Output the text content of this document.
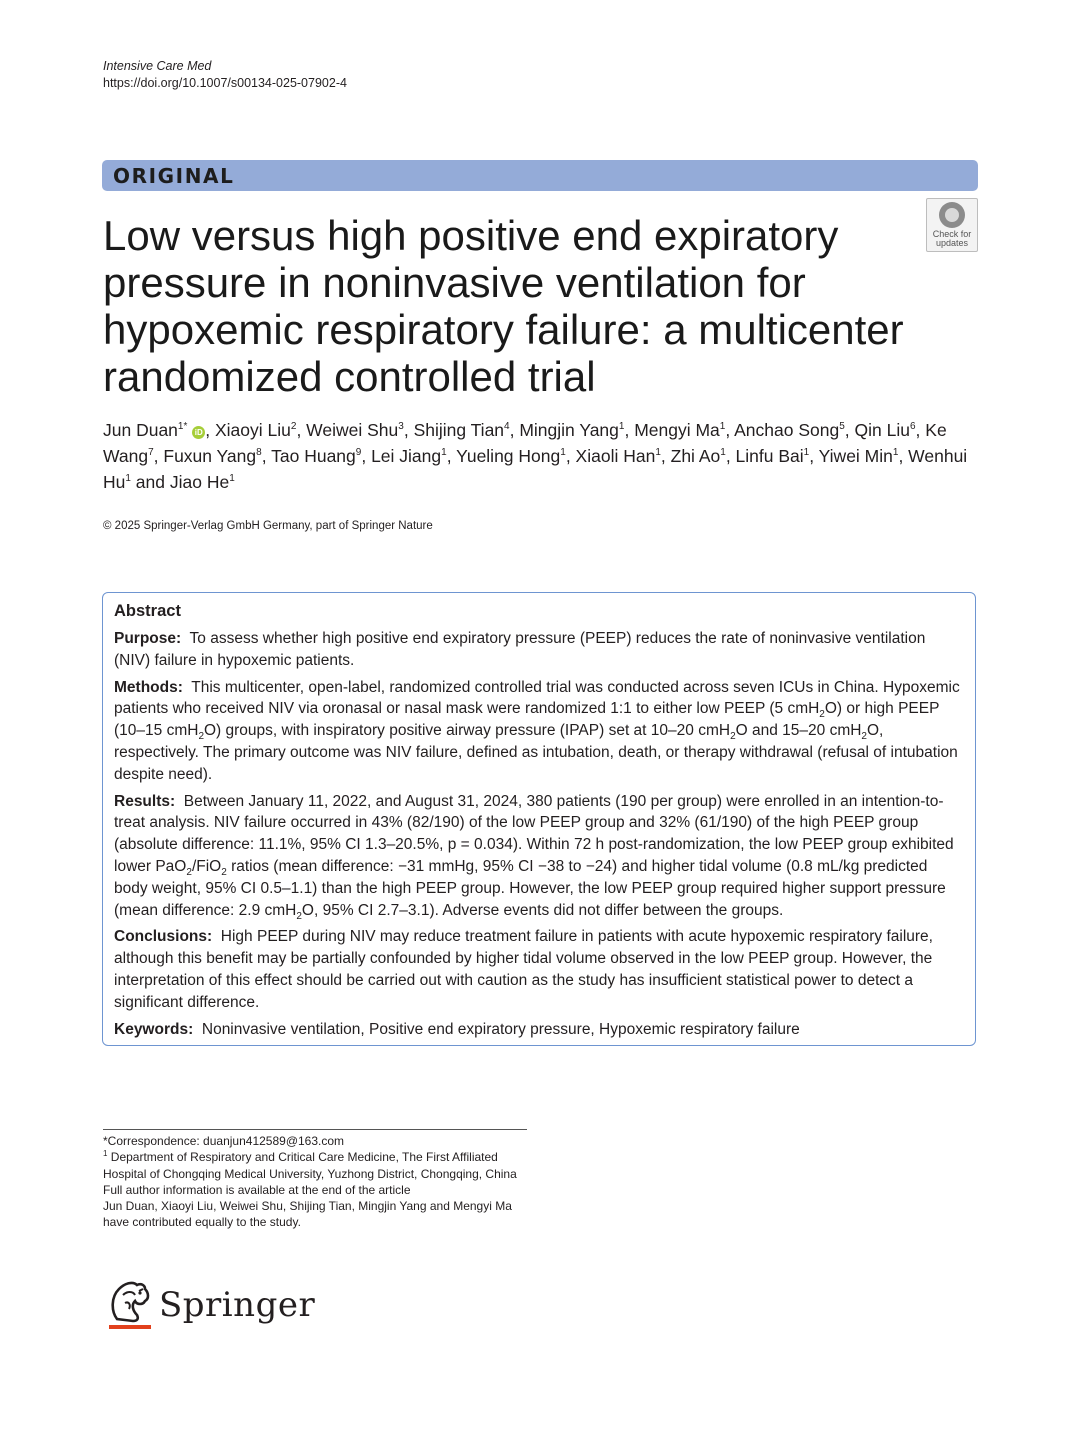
Intensive Care Med
https://doi.org/10.1007/s00134-025-07902-4
ORIGINAL
Low versus high positive end expiratory pressure in noninvasive ventilation for hypoxemic respiratory failure: a multicenter randomized controlled trial
Check for
updates
Jun Duan$^{1*}$ iD , Xiaoyi Liu$^2$, Weiwei Shu$^3$, Shijing Tian$^4$, Mingjin Yang$^1$, Mengyi Ma$^1$, Anchao Song$^5$, Qin Liu$^6$, Ke Wang$^7$, Fuxun Yang$^8$, Tao Huang$^9$, Lei Jiang$^1$, Yueling Hong$^1$, Xiaoli Han$^1$, Zhi Ao$^1$, Linfu Bai$^1$, Yiwei Min$^1$, Wenhui Hu$^1$ and Jiao He$^1$
© 2025 Springer-Verlag GmbH Germany, part of Springer Nature
Abstract

Purpose: To assess whether high positive end expiratory pressure (PEEP) reduces the rate of noninvasive ventilation (NIV) failure in hypoxemic patients.

Methods: This multicenter, open-label, randomized controlled trial was conducted across seven ICUs in China. Hypoxemic patients who received NIV via oronasal or nasal mask were randomized 1:1 to either low PEEP (5 cmH$_2$O) or high PEEP (10–15 cmH$_2$O) groups, with inspiratory positive airway pressure (IPAP) set at 10–20 cmH$_2$O and 15–20 cmH$_2$O, respectively. The primary outcome was NIV failure, defined as intubation, death, or therapy withdrawal (refusal of intubation despite need).

Results: Between January 11, 2022, and August 31, 2024, 380 patients (190 per group) were enrolled in an intention-to-treat analysis. NIV failure occurred in 43% (82/190) of the low PEEP group and 32% (61/190) of the high PEEP group (absolute difference: 11.1%, 95% CI 1.3–20.5%, p = 0.034). Within 72 h post-randomization, the low PEEP group exhibited lower PaO$_2$/FiO$_2$ ratios (mean difference: −31 mmHg, 95% CI −38 to −24) and higher tidal volume (0.8 mL/kg predicted body weight, 95% CI 0.5–1.1) than the high PEEP group. However, the low PEEP group required higher support pressure (mean difference: 2.9 cmH$_2$O, 95% CI 2.7–3.1). Adverse events did not differ between the groups.

Conclusions: High PEEP during NIV may reduce treatment failure in patients with acute hypoxemic respiratory failure, although this benefit may be partially confounded by higher tidal volume observed in the low PEEP group. However, the interpretation of this effect should be carried out with caution as the study has insufficient statistical power to detect a significant difference.

Keywords: Noninvasive ventilation, Positive end expiratory pressure, Hypoxemic respiratory failure

*Correspondence: duanjun412589@163.com
$^1$ Department of Respiratory and Critical Care Medicine, The First Affiliated Hospital of Chongqing Medical University, Yuzhong District, Chongqing, China
Full author information is available at the end of the article
Jun Duan, Xiaoyi Liu, Weiwei Shu, Shijing Tian, Mingjin Yang and Mengyi Ma have contributed equally to the study.
Springer
